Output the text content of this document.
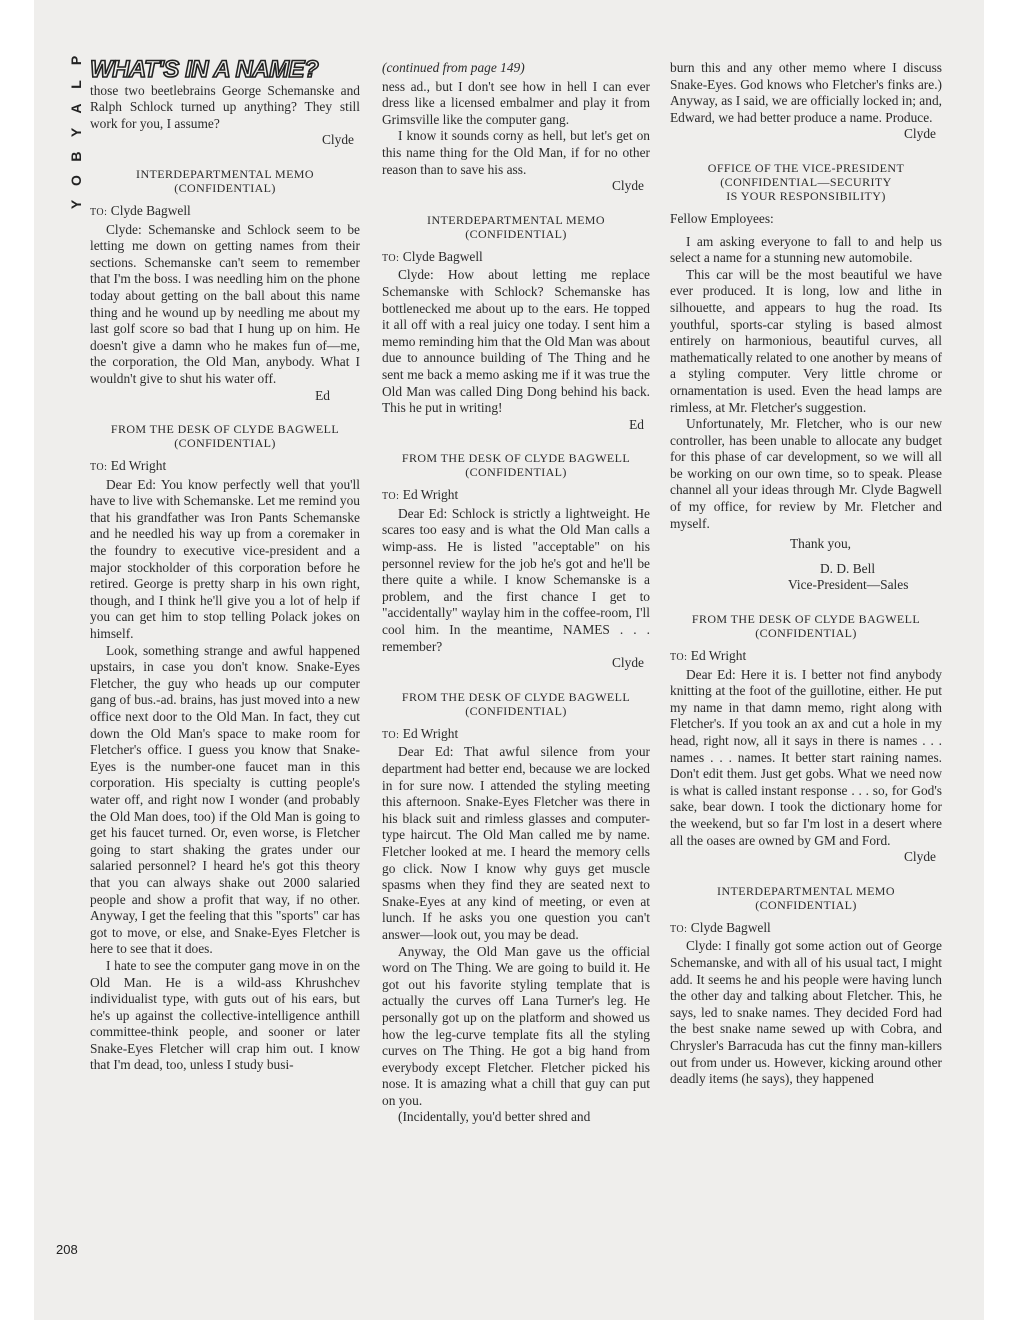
P
L
A
Y
B
O
Y
208
WHAT'S IN A NAME?

those two beetlebrains George Schemanske and Ralph Schlock turned up anything? They still work for you, I assume?

Clyde

INTERDEPARTMENTAL MEMO
(CONFIDENTIAL)

TO: Clyde Bagwell

Clyde: Schemanske and Schlock seem to be letting me down on getting names from their sections. Schemanske can't seem to remember that I'm the boss. I was needling him on the phone today about getting on the ball about this name thing and he wound up by needling me about my last golf score so bad that I hung up on him. He doesn't give a damn who he makes fun of—me, the corporation, the Old Man, anybody. What I wouldn't give to shut his water off.

Ed

FROM THE DESK OF CLYDE BAGWELL
(CONFIDENTIAL)

TO: Ed Wright

Dear Ed: You know perfectly well that you'll have to live with Schemanske. Let me remind you that his grandfather was Iron Pants Schemanske and he needled his way up from a coremaker in the foundry to executive vice-president and a major stockholder of this corporation before he retired. George is pretty sharp in his own right, though, and I think he'll give you a lot of help if you can get him to stop telling Polack jokes on himself.

Look, something strange and awful happened upstairs, in case you don't know. Snake-Eyes Fletcher, the guy who heads up our computer gang of bus.-ad. brains, has just moved into a new office next door to the Old Man. In fact, they cut down the Old Man's space to make room for Fletcher's office. I guess you know that Snake-Eyes is the number-one faucet man in this corporation. His specialty is cutting people's water off, and right now I wonder (and probably the Old Man does, too) if the Old Man is going to get his faucet turned. Or, even worse, is Fletcher going to start shaking the grates under our salaried personnel? I heard he's got this theory that you can always shake out 2000 salaried people and show a profit that way, if no other. Anyway, I get the feeling that this "sports" car has got to move, or else, and Snake-Eyes Fletcher is here to see that it does.

I hate to see the computer gang move in on the Old Man. He is a wild-ass Khrushchev individualist type, with guts out of his ears, but he's up against the collective-intelligence anthill committee-think people, and sooner or later Snake-Eyes Fletcher will crap him out. I know that I'm dead, too, unless I study busi-

(continued from page 149)

ness ad., but I don't see how in hell I can ever dress like a licensed embalmer and play it from Grimsville like the computer gang.

I know it sounds corny as hell, but let's get on this name thing for the Old Man, if for no other reason than to save his ass.

Clyde

INTERDEPARTMENTAL MEMO
(CONFIDENTIAL)

TO: Clyde Bagwell

Clyde: How about letting me replace Schemanske with Schlock? Schemanske has bottlenecked me about up to the ears. He topped it all off with a real juicy one today. I sent him a memo reminding him that the Old Man was about due to announce building of The Thing and he sent me back a memo asking me if it was true the Old Man was called Ding Dong behind his back. This he put in writing!

Ed

FROM THE DESK OF CLYDE BAGWELL
(CONFIDENTIAL)

TO: Ed Wright

Dear Ed: Schlock is strictly a lightweight. He scares too easy and is what the Old Man calls a wimp-ass. He is listed "acceptable" on his personnel review for the job he's got and he'll be there quite a while. I know Schemanske is a problem, and the first chance I get to "accidentally" waylay him in the coffee-room, I'll cool him. In the meantime, NAMES . . . remember?

Clyde

FROM THE DESK OF CLYDE BAGWELL
(CONFIDENTIAL)

TO: Ed Wright

Dear Ed: That awful silence from your department had better end, because we are locked in for sure now. I attended the styling meeting this afternoon. Snake-Eyes Fletcher was there in his black suit and rimless glasses and computer-type haircut. The Old Man called me by name. Fletcher looked at me. I heard the memory cells go click. Now I know why guys get muscle spasms when they find they are seated next to Snake-Eyes at any kind of meeting, or even at lunch. If he asks you one question you can't answer—look out, you may be dead.

Anyway, the Old Man gave us the official word on The Thing. We are going to build it. He got out his favorite styling template that is actually the curves off Lana Turner's leg. He personally got up on the platform and showed us how the leg-curve template fits all the styling curves on The Thing. He got a big hand from everybody except Fletcher. Fletcher picked his nose. It is amazing what a chill that guy can put on you.

(Incidentally, you'd better shred and

burn this and any other memo where I discuss Snake-Eyes. God knows who Fletcher's finks are.) Anyway, as I said, we are officially locked in; and, Edward, we had better produce a name. Produce.

Clyde

OFFICE OF THE VICE-PRESIDENT
(CONFIDENTIAL—SECURITY
IS YOUR RESPONSIBILITY)

Fellow Employees:

I am asking everyone to fall to and help us select a name for a stunning new automobile.

This car will be the most beautiful we have ever produced. It is long, low and lithe in silhouette, and appears to hug the road. Its youthful, sports-car styling is based almost entirely on harmonious, beautiful curves, all mathematically related to one another by means of a styling computer. Very little chrome or ornamentation is used. Even the head lamps are rimless, at Mr. Fletcher's suggestion.

Unfortunately, Mr. Fletcher, who is our new controller, has been unable to allocate any budget for this phase of car development, so we will all be working on our own time, so to speak. Please channel all your ideas through Mr. Clyde Bagwell of my office, for review by Mr. Fletcher and myself.

Thank you,

D. D. Bell

Vice-President—Sales

FROM THE DESK OF CLYDE BAGWELL
(CONFIDENTIAL)

TO: Ed Wright

Dear Ed: Here it is. I better not find anybody knitting at the foot of the guillotine, either. He put my name in that damn memo, right along with Fletcher's. If you took an ax and cut a hole in my head, right now, all it says in there is names . . . names . . . names. It better start raining names. Don't edit them. Just get gobs. What we need now is what is called instant response . . . so, for God's sake, bear down. I took the dictionary home for the weekend, but so far I'm lost in a desert where all the oases are owned by GM and Ford.

Clyde

INTERDEPARTMENTAL MEMO
(CONFIDENTIAL)

TO: Clyde Bagwell

Clyde: I finally got some action out of George Schemanske, and with all of his usual tact, I might add. It seems he and his people were having lunch the other day and talking about Fletcher. This, he says, led to snake names. They decided Ford had the best snake name sewed up with Cobra, and Chrysler's Barracuda has cut the finny man-killers out from under us. However, kicking around other deadly items (he says), they happened
